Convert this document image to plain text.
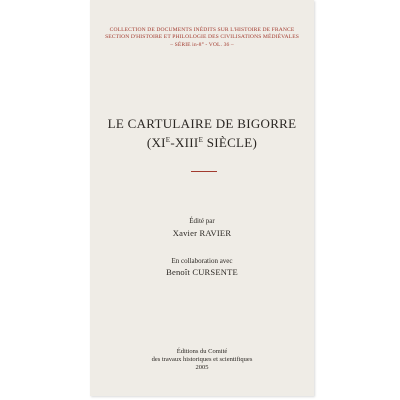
COLLECTION DE DOCUMENTS INÉDITS SUR L'HISTOIRE DE FRANCE
SECTION D'HISTOIRE ET PHILOLOGIE DES CIVILISATIONS MÉDIÉVALES
– SÉRIE in-8° - VOL. 36 –
LE CARTULAIRE DE BIGORRE
($XI^E-XIII^E$ SIÈCLE)
Édité par
Xavier RAVIER
En collaboration avec
Benoît CURSENTE
Éditions du Comité
des travaux historiques et scientifiques
2005
